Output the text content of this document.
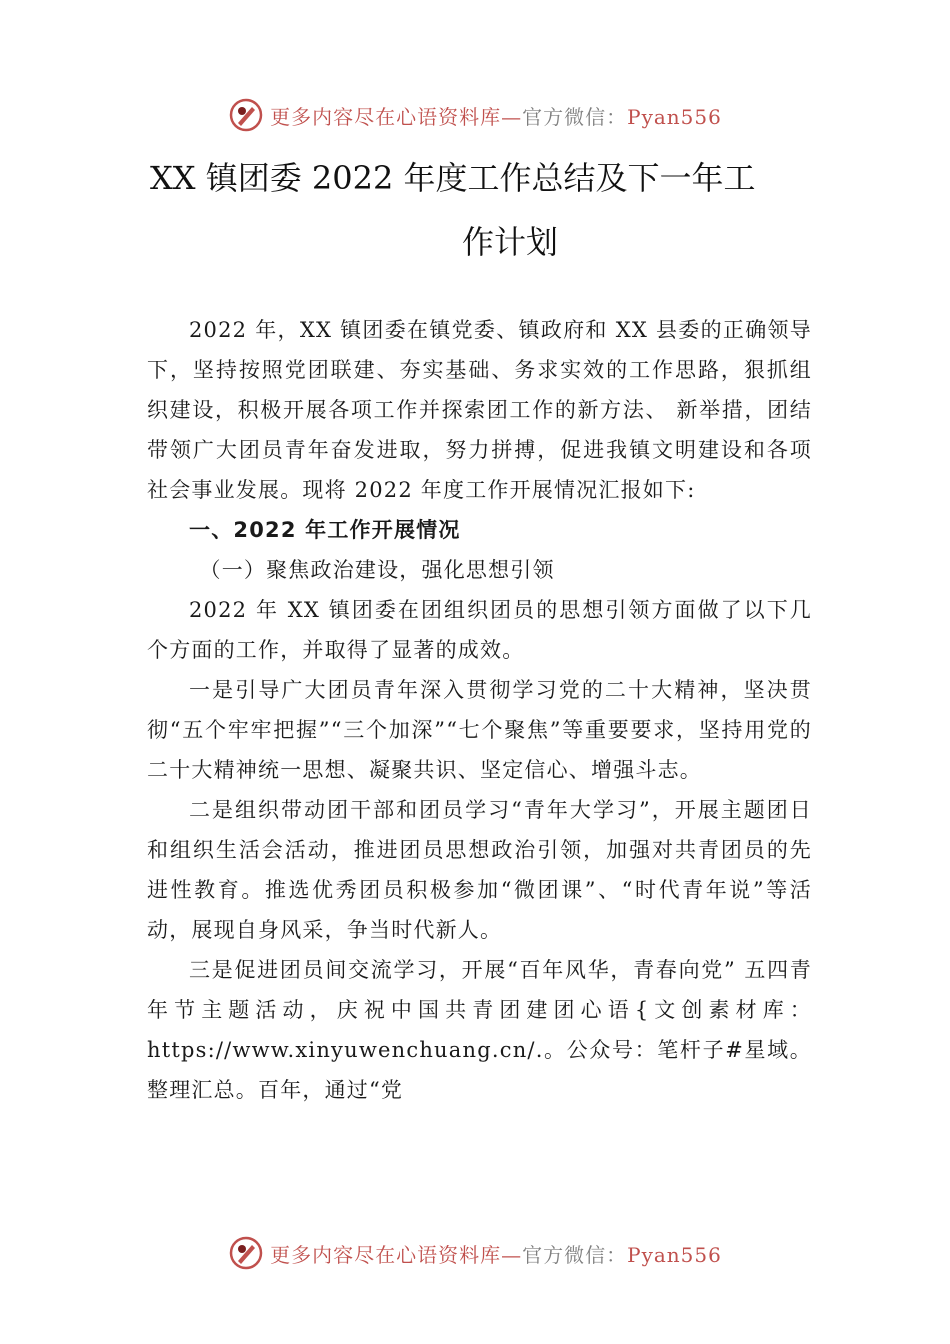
更多内容尽在心语资料库—官方微信：Pyan556
XX 镇团委 2022 年度工作总结及下一年工
作计划

2022 年，XX 镇团委在镇党委、镇政府和 XX 县委的正确领导下，坚持按照党团联建、夯实基础、务求实效的工作思路，狠抓组织建设，积极开展各项工作并探索团工作的新方法、 新举措，团结带领广大团员青年奋发进取，努力拼搏，促进我镇文明建设和各项社会事业发展。现将 2022 年度工作开展情况汇报如下:

一、2022 年工作开展情况

（一）聚焦政治建设，强化思想引领

2022 年 XX 镇团委在团组织团员的思想引领方面做了以下几个方面的工作，并取得了显著的成效。

一是引导广大团员青年深入贯彻学习党的二十大精神，坚决贯彻“五个牢牢把握”“三个加深”“七个聚焦”等重要要求，坚持用党的二十大精神统一思想、凝聚共识、坚定信心、增强斗志。

二是组织带动团干部和团员学习“青年大学习”，开展主题团日和组织生活会活动，推进团员思想政治引领，加强对共青团员的先进性教育。推选优秀团员积极参加“微团课”、“时代青年说”等活动，展现自身风采，争当时代新人。

三是促进团员间交流学习，开展“百年风华，青春向党” 五四青年节主题活动，庆祝中国共青团建团心语{文创素材库：https://www.xinyuwenchuang.cn/.。公众号：笔杆子#星域。整理汇总。百年，通过“党

更多内容尽在心语资料库—官方微信：Pyan556
